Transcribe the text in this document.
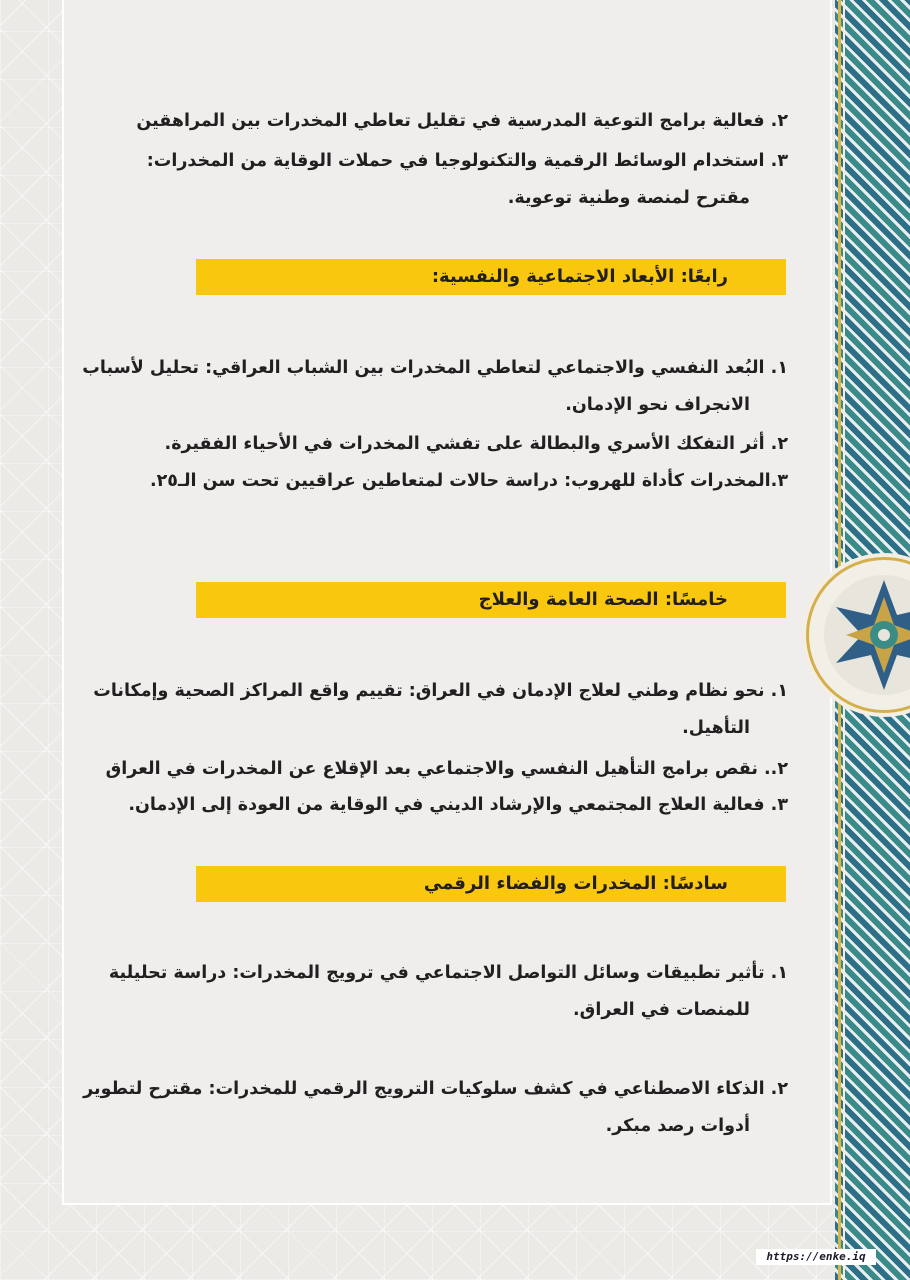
٢. فعالية برامج التوعية المدرسية في تقليل تعاطي المخدرات بين المراهقين
٣. استخدام الوسائط الرقمية والتكنولوجيا في حملات الوقاية من المخدرات:
مقترح لمنصة وطنية توعوية.
رابعًا: الأبعاد الاجتماعية والنفسية:
١. البُعد النفسي والاجتماعي لتعاطي المخدرات بين الشباب العراقي: تحليل لأسباب
الانجراف نحو الإدمان.
٢. أثر التفكك الأسري والبطالة على تفشي المخدرات في الأحياء الفقيرة.
٣.المخدرات كأداة للهروب: دراسة حالات لمتعاطين عراقيين تحت سن الـ٢٥.
خامسًا: الصحة العامة والعلاج
١. نحو نظام وطني لعلاج الإدمان في العراق: تقييم واقع المراكز الصحية وإمكانات
التأهيل.
٢.. نقص برامج التأهيل النفسي والاجتماعي بعد الإقلاع عن المخدرات في العراق
٣. فعالية العلاج المجتمعي والإرشاد الديني في الوقاية من العودة إلى الإدمان.
سادسًا: المخدرات والفضاء الرقمي
١. تأثير تطبيقات وسائل التواصل الاجتماعي في ترويج المخدرات: دراسة تحليلية
للمنصات في العراق.
٢. الذكاء الاصطناعي في كشف سلوكيات الترويج الرقمي للمخدرات: مقترح لتطوير
أدوات رصد مبكر.
https://enke.iq
